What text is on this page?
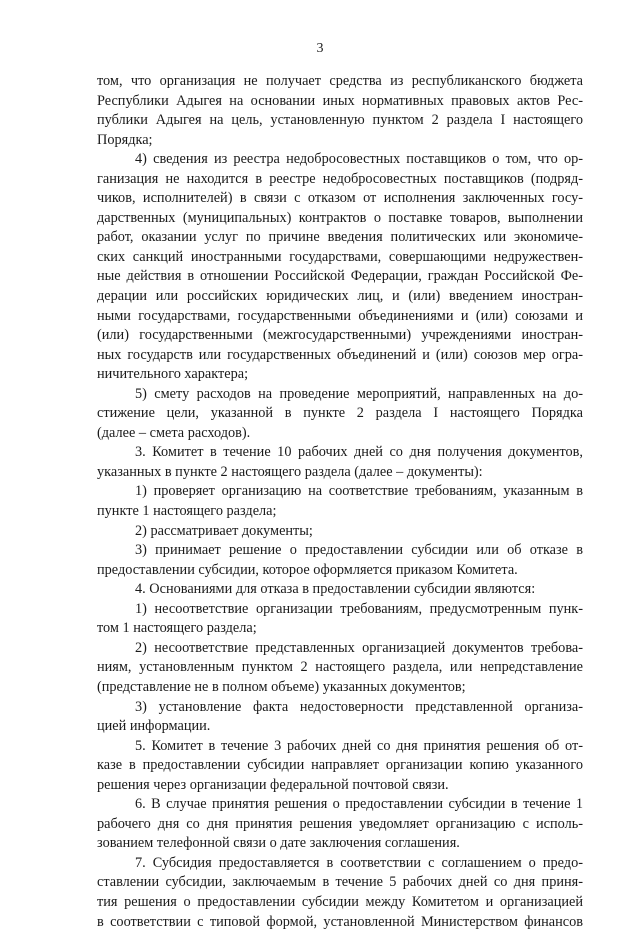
3
том, что организация не получает средства из республиканского бюджета
Республики Адыгея на основании иных нормативных правовых актов Рес-
публики Адыгея на цель, установленную пунктом 2 раздела I настоящего
Порядка;
4) сведения из реестра недобросовестных поставщиков о том, что ор-
ганизация не находится в реестре недобросовестных поставщиков (подряд-
чиков, исполнителей) в связи с отказом от исполнения заключенных госу-
дарственных (муниципальных) контрактов о поставке товаров, выполнении
работ, оказании услуг по причине введения политических или экономиче-
ских санкций иностранными государствами, совершающими недружествен-
ные действия в отношении Российской Федерации, граждан Российской Фе-
дерации или российских юридических лиц, и (или) введением иностран-
ными государствами, государственными объединениями и (или) союзами и
(или) государственными (межгосударственными) учреждениями иностран-
ных государств или государственных объединений и (или) союзов мер огра-
ничительного характера;
5) смету расходов на проведение мероприятий, направленных на до-
стижение цели, указанной в пункте 2 раздела I настоящего Порядка
(далее – смета расходов).
3. Комитет в течение 10 рабочих дней со дня получения документов,
указанных в пункте 2 настоящего раздела (далее – документы):
1) проверяет организацию на соответствие требованиям, указанным в
пункте 1 настоящего раздела;
2) рассматривает документы;
3) принимает решение о предоставлении субсидии или об отказе в
предоставлении субсидии, которое оформляется приказом Комитета.
4. Основаниями для отказа в предоставлении субсидии являются:
1) несоответствие организации требованиям, предусмотренным пунк-
том 1 настоящего раздела;
2) несоответствие представленных организацией документов требова-
ниям, установленным пунктом 2 настоящего раздела, или непредставление
(представление не в полном объеме) указанных документов;
3) установление факта недостоверности представленной организа-
цией информации.
5. Комитет в течение 3 рабочих дней со дня принятия решения об от-
казе в предоставлении субсидии направляет организации копию указанного
решения через организации федеральной почтовой связи.
6. В случае принятия решения о предоставлении субсидии в течение 1
рабочего дня со дня принятия решения уведомляет организацию с исполь-
зованием телефонной связи о дате заключения соглашения.
7. Субсидия предоставляется в соответствии с соглашением о предо-
ставлении субсидии, заключаемым в течение 5 рабочих дней со дня приня-
тия решения о предоставлении субсидии между Комитетом и организацией
в соответствии с типовой формой, установленной Министерством финансов
